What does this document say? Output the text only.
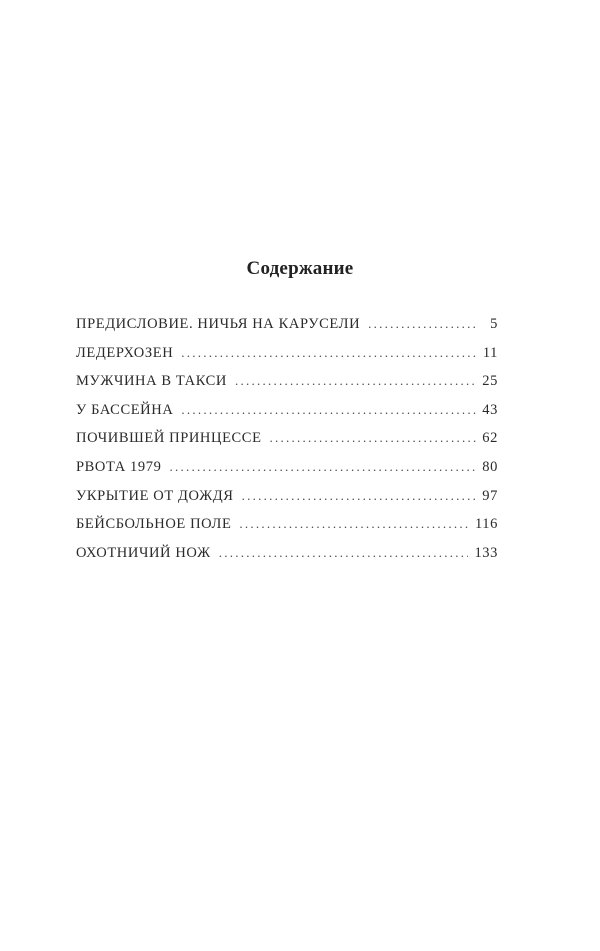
Содержание
ПРЕДИСЛОВИЕ. НИЧЬЯ НА КАРУСЕЛИ . . .	5
ЛЕДЕРХОЗЕН . . .	11
МУЖЧИНА В ТАКСИ . . .	25
У БАССЕЙНА . . .	43
ПОЧИВШЕЙ ПРИНЦЕССЕ . . .	62
РВОТА 1979 . . .	80
УКРЫТИЕ ОТ ДОЖДЯ . . .	97
БЕЙСБОЛЬНОЕ ПОЛЕ . . .	116
ОХОТНИЧИЙ НОЖ . . .	133
